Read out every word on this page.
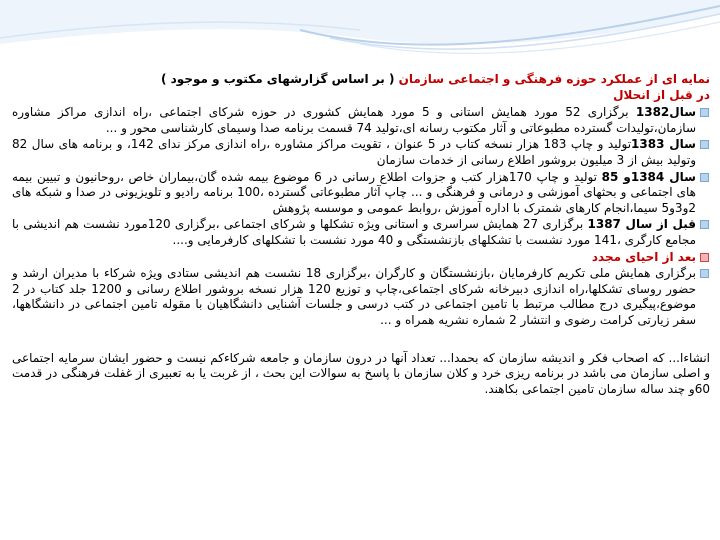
نمایه ای از عملکرد حوزه فرهنگی و اجتماعی سازمان ( بر اساس گزارشهای مکتوب و موجود )

در قبل از انحلال

سال1382 برگزاری 52 مورد همایش استانی و 5 مورد همایش کشوری در حوزه شرکای اجتماعی ،راه اندازی مراکز مشاوره سازمان،تولیدات گسترده مطبوعاتی و آثار مکتوب رسانه ای،تولید 74 قسمت برنامه صدا وسیمای کارشناسی محور و ...
سال 1383تولید و چاپ 183 هزار نسخه کتاب در 5 عنوان ، تقویت مراکز مشاوره ،راه اندازی مرکز ندای 142، و برنامه های سال 82 وتولید بیش از 3 میلیون بروشور اطلاع رسانی از خدمات سازمان
سال 1384و 85 تولید و چاپ 170هزار کتب و جزوات اطلاع رسانی در 6 موضوع بیمه شده گان،بیماران خاص ،روحانیون و تبیین بیمه های اجتماعی و بحثهای آموزشی و درمانی و فرهنگی و ... چاپ آثار مطبوعاتی گسترده ،100 برنامه رادیو و تلویزیونی در صدا و شبکه های 2و3و5 سیما،انجام کارهای شمترک با اداره آموزش ،روابط عمومی و موسسه پژوهش
قبل از سال 1387 برگزاری 27 همایش سراسری و استانی ویژه تشکلها و شرکای اجتماعی ،برگزاری 120مورد نشست هم اندیشی با مجامع کارگری ،141 مورد نشست با تشکلهای بازنشستگی و 40 مورد نشست با تشکلهای کارفرمایی و....
بعد از احیای مجدد
برگزاری همایش ملی تکریم کارفرمایان ،بازنشستگان و کارگران ،برگزاری 18 نشست هم اندیشی ستادی ویژه شرکاء با مدیران ارشد و حضور روسای تشکلها،راه اندازی دبیرخانه شرکای اجتماعی،چاپ و توزیع 120 هزار نسخه بروشور اطلاع رسانی و 1200 جلد کتاب در 2 موضوع،پیگیری درج مطالب مرتبط با تامین اجتماعی در کتب درسی و جلسات آشنایی دانشگاهیان با مقوله تامین اجتماعی در دانشگاهها، سفر زیارتی کرامت رضوی و انتشار 2 شماره نشریه همراه و ...

انشاءا... که اصحاب فکر و اندیشه سازمان که بحمدا... تعداد آنها در درون سازمان و جامعه شرکاءکم نیست و حضور ایشان سرمایه اجتماعی و اصلی سازمان می باشد در برنامه ریزی خرد و کلان سازمان با پاسخ به سوالات این بحث ، از غربت یا به تعبیری از غفلت فرهنگی در قدمت 60و چند ساله سازمان تامین اجتماعی بکاهند.
